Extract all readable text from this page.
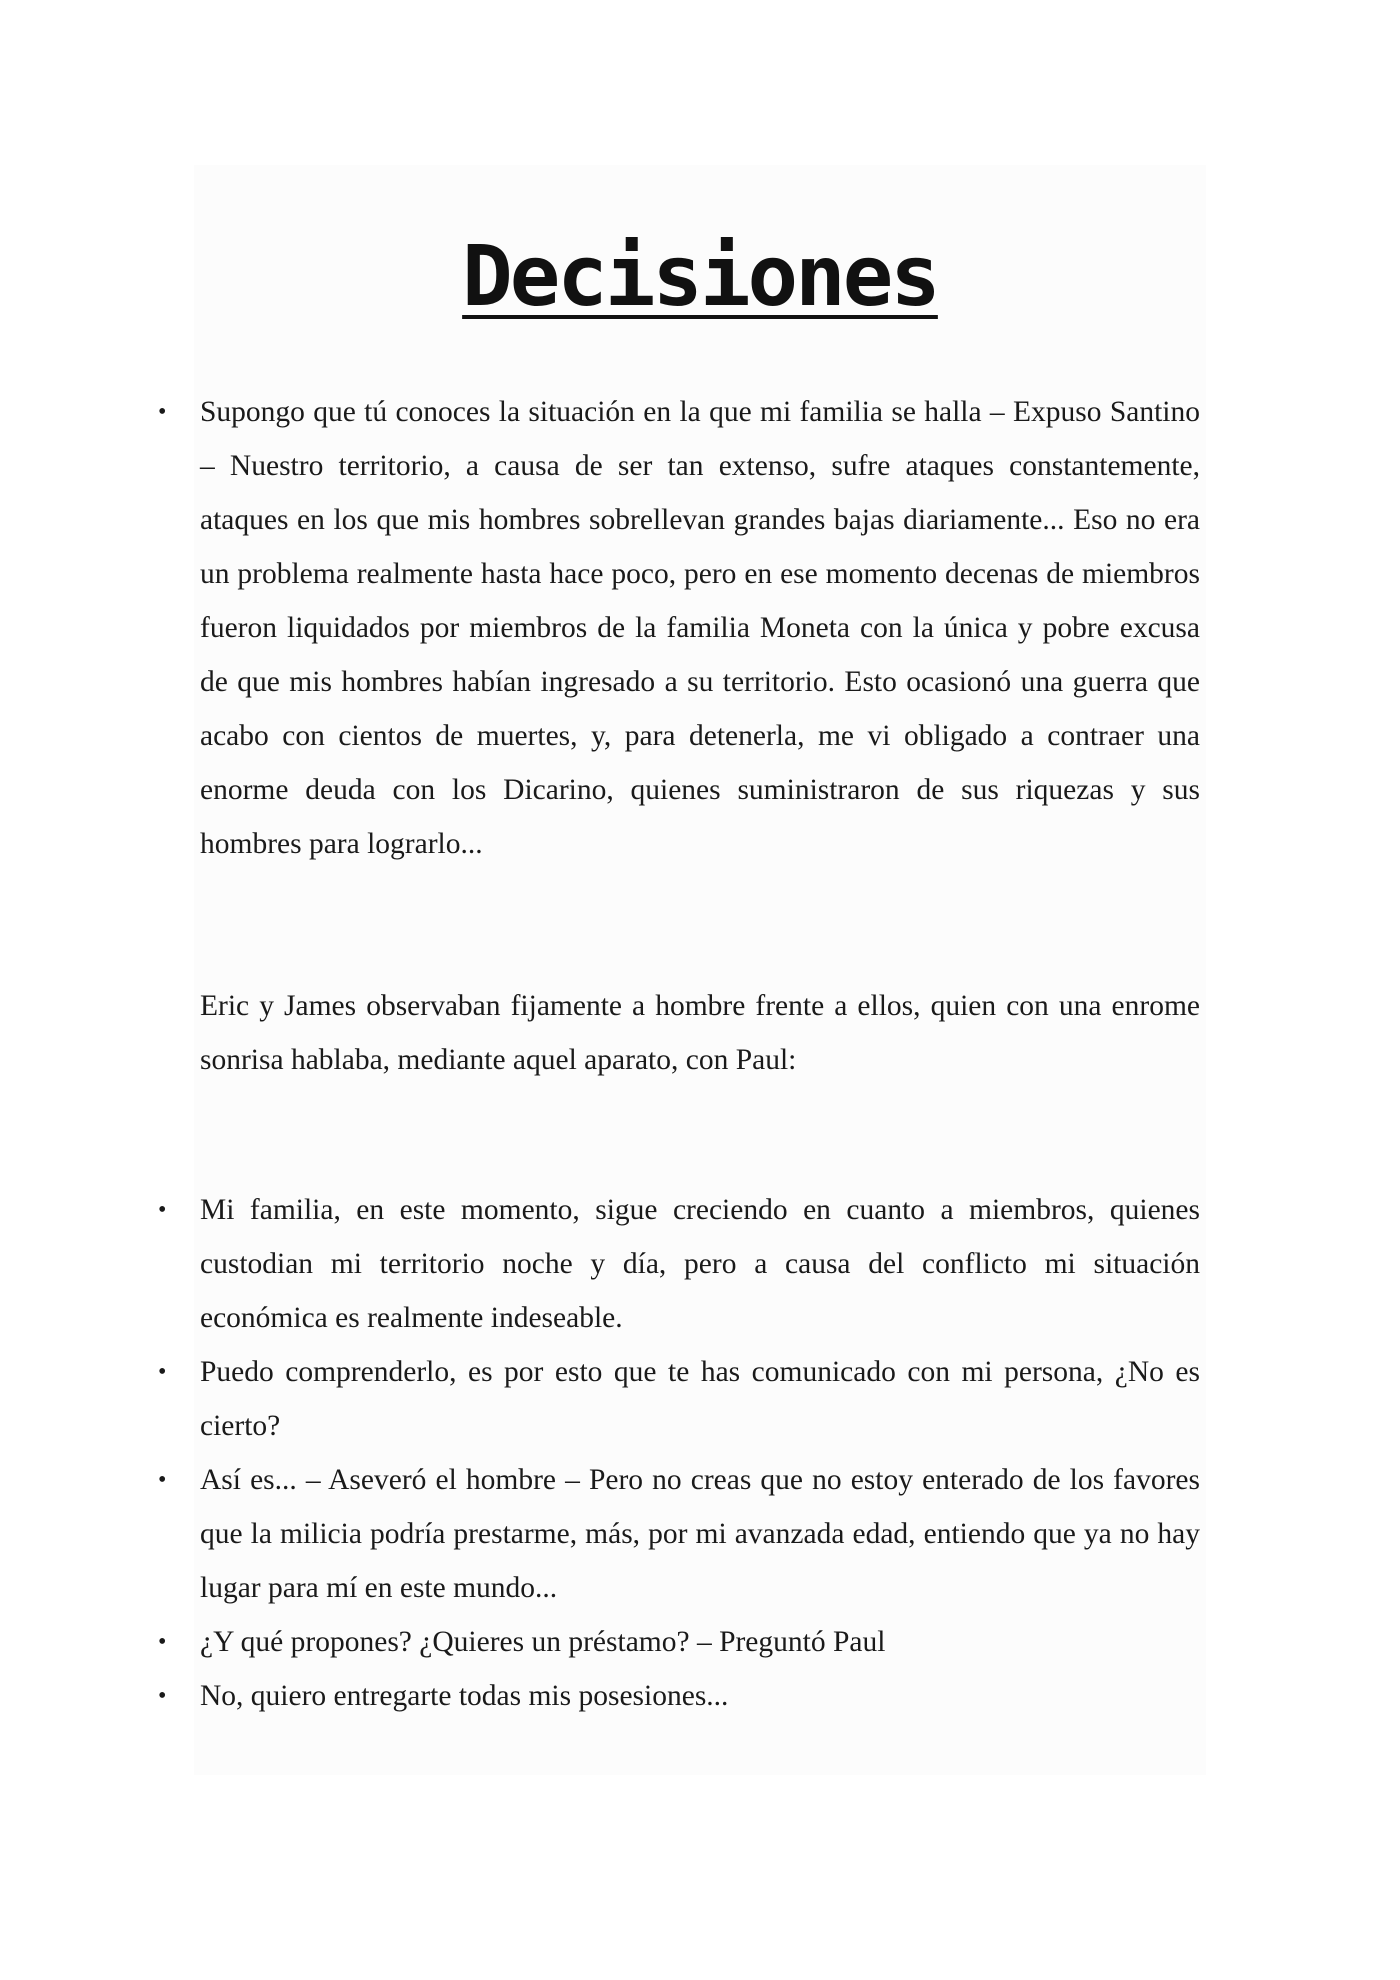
Decisiones
• Supongo que tú conoces la situación en la que mi familia se halla – Expuso Santino – Nuestro territorio, a causa de ser tan extenso, sufre ataques constantemente, ataques en los que mis hombres sobrellevan grandes bajas diariamente... Eso no era un problema realmente hasta hace poco, pero en ese momento decenas de miembros fueron liquidados por miembros de la familia Moneta con la única y pobre excusa de que mis hombres habían ingresado a su territorio. Esto ocasionó una guerra que acabo con cientos de muertes, y, para detenerla, me vi obligado a contraer una enorme deuda con los Dicarino, quienes suministraron de sus riquezas y sus hombres para lograrlo...

Eric y James observaban fijamente a hombre frente a ellos, quien con una enrome sonrisa hablaba, mediante aquel aparato, con Paul:

• Mi familia, en este momento, sigue creciendo en cuanto a miembros, quienes custodian mi territorio noche y día, pero a causa del conflicto mi situación económica es realmente indeseable.
• Puedo comprenderlo, es por esto que te has comunicado con mi persona, ¿No es cierto?
• Así es... – Aseveró el hombre – Pero no creas que no estoy enterado de los favores que la milicia podría prestarme, más, por mi avanzada edad, entiendo que ya no hay lugar para mí en este mundo...
• ¿Y qué propones? ¿Quieres un préstamo? – Preguntó Paul
• No, quiero entregarte todas mis posesiones...
